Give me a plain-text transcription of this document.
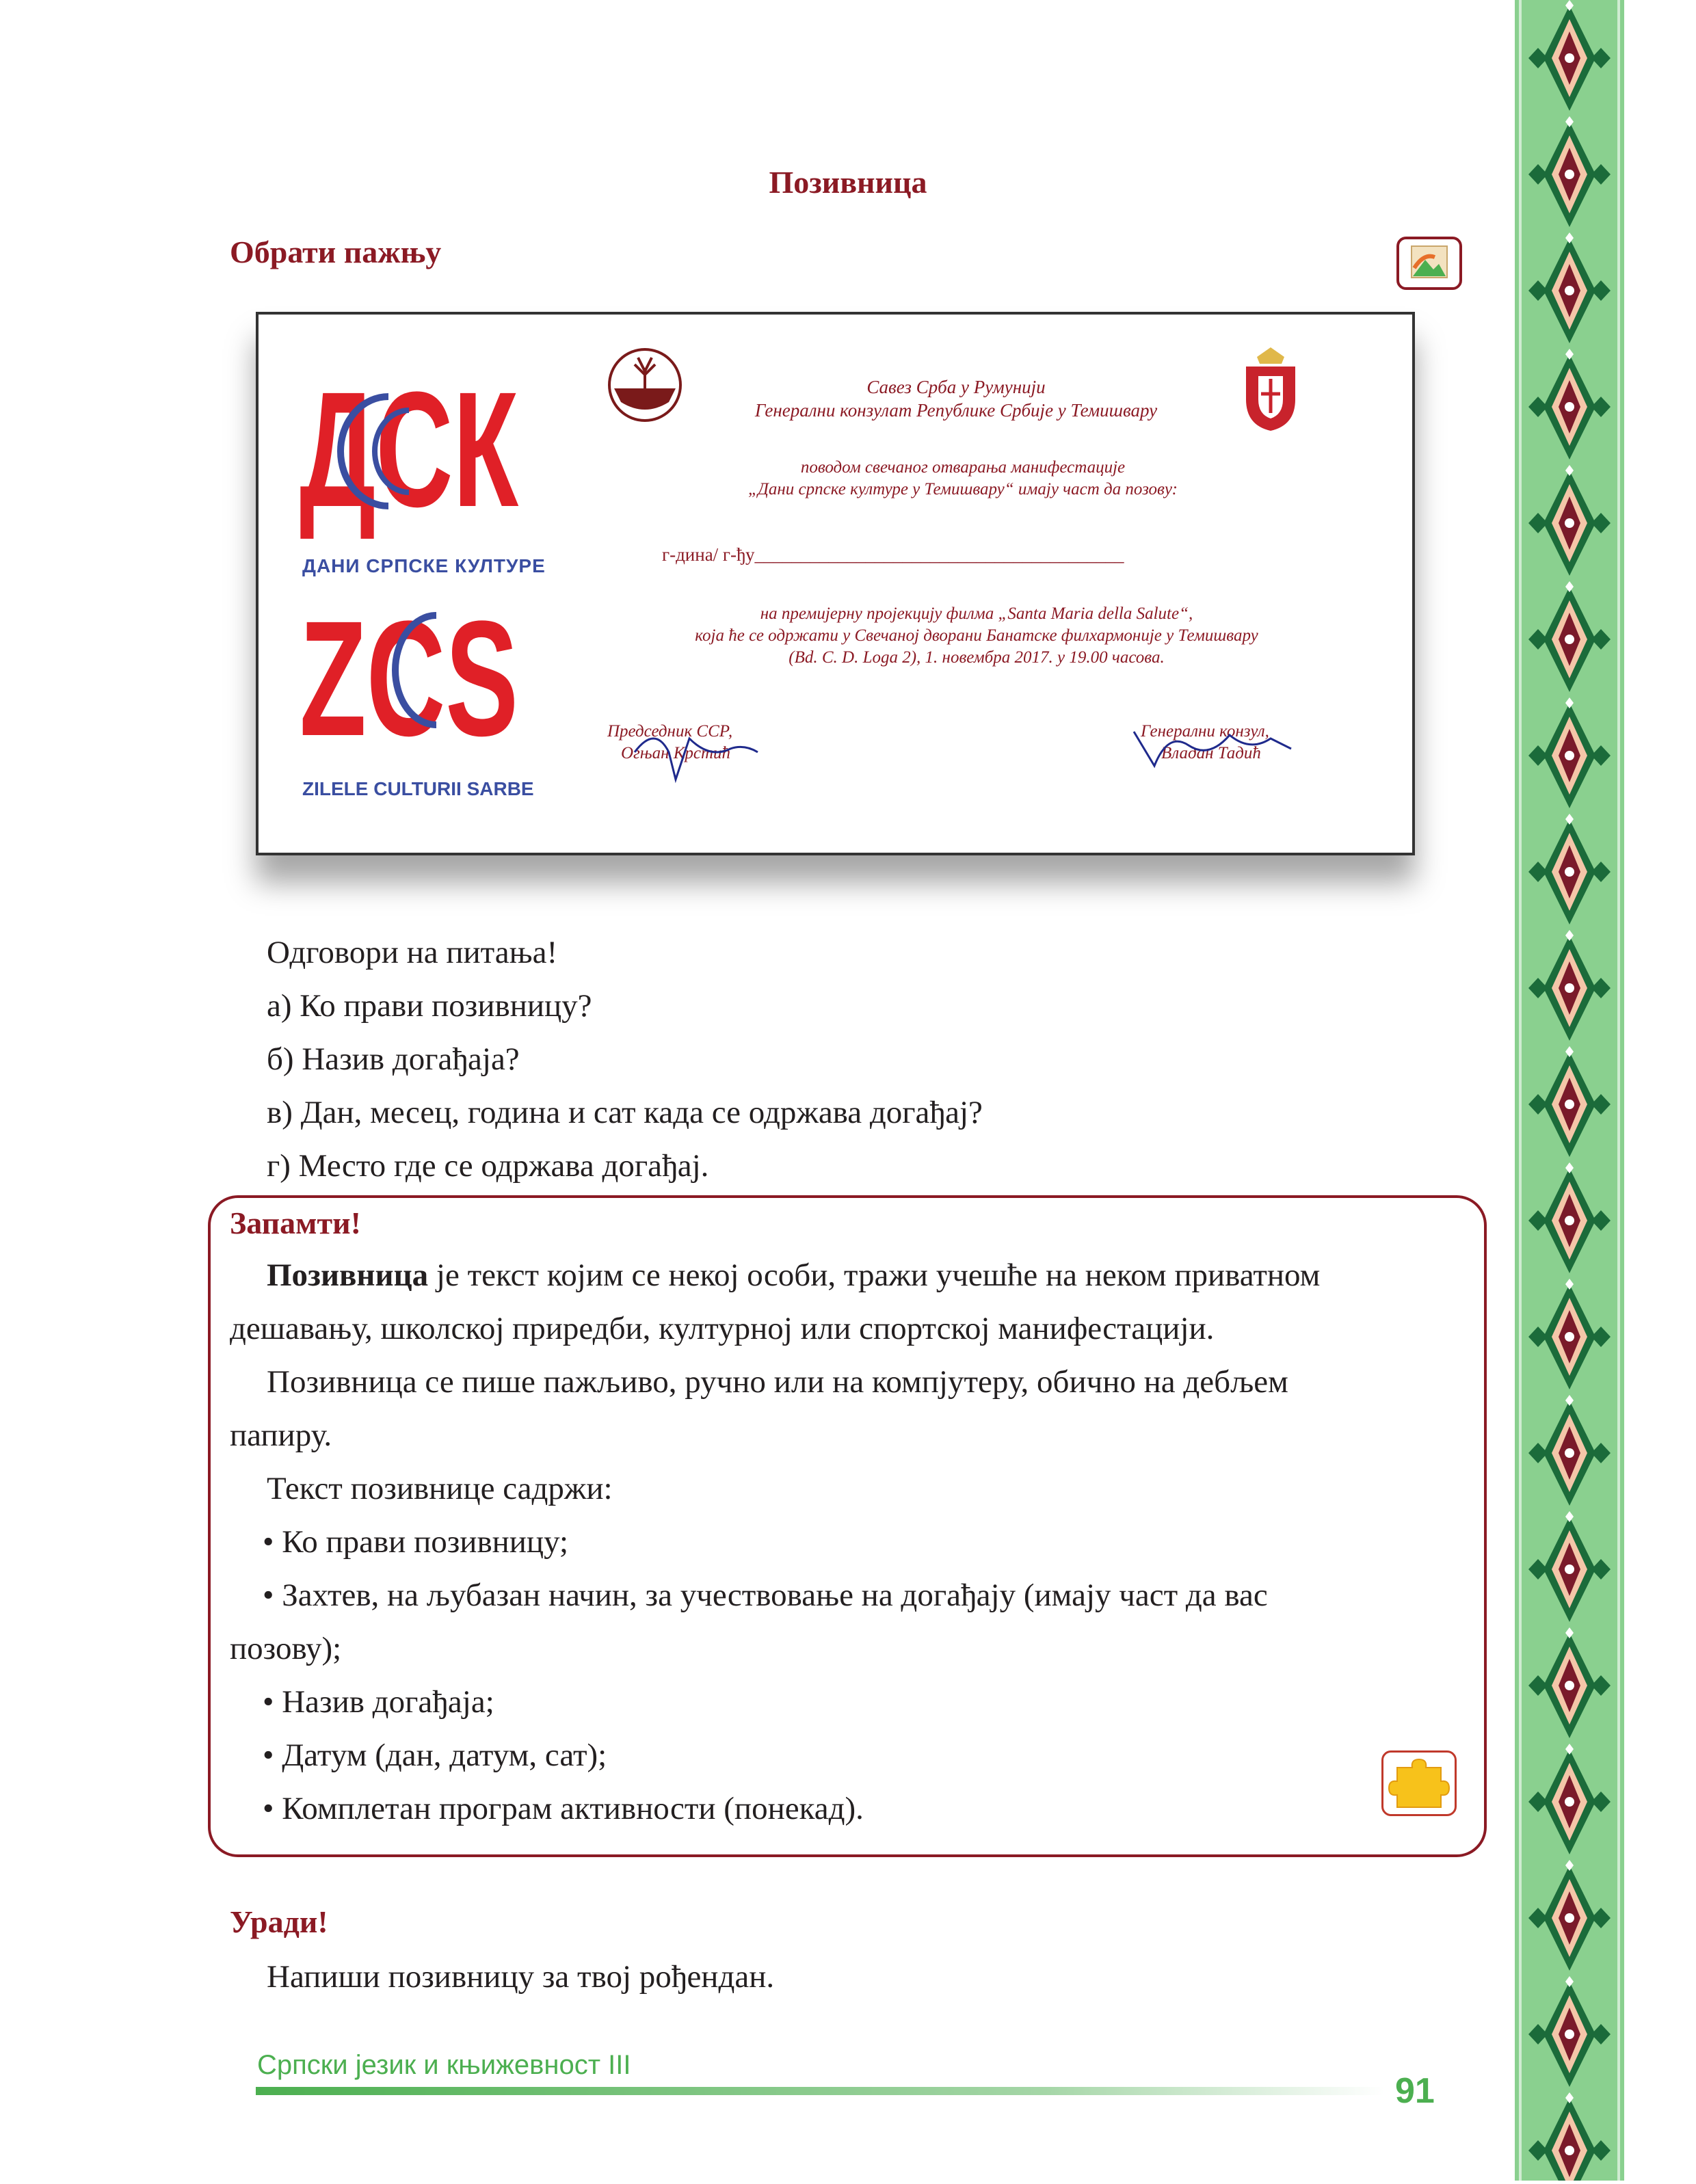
Позивница
Обрати пажњу
ДСК
ДАНИ СРПСКЕ КУЛТУРЕ
ZCS
ZILELE CULTURII SARBE
Савез Срба у Румунији
Генерални конзулат Републике Србије у Темишвару
поводом свечаног отварања манифестације
„Дани српске културе у Темишвару“ имају част да позову:
г-дина/ г-ђу________________________________________
на премијерну пројекцију филма „Santa Maria della Salute“,
која ће се одржати у Свечаној дворани Банатске филхармоније у Темишвару
(Bd. C. D. Loga 2), 1. новембра 2017. у 19.00 часова.
Председник ССР,
Огњан Крстић
Генерални конзул,
Владан Тадић
Одговори на питања!
а) Ко прави позивницу?
б) Назив догађаја?
в) Дан, месец, година и сат када се одржава догађај?
г) Место где се одржава догађај.
Запамти!
Позивница је текст којим се некој особи, тражи учешће на неком приватном
дешавању, школској приредби, културној или спортској манифестацији.
Позивница се пише пажљиво, ручно или на компјутеру, обично на дебљем
папиру.
Текст позивнице садржи:
• Ко прави позивницу;
• Захтев, на љубазан начин, за учествовање на догађају (имају част да вас
позову);
• Назив догађаја;
• Датум (дан, датум, сат);
• Комплетан програм активности (понекад).
Уради!
Напиши позивницу за твој рођендан.
Српски језик и књижевност III
91
